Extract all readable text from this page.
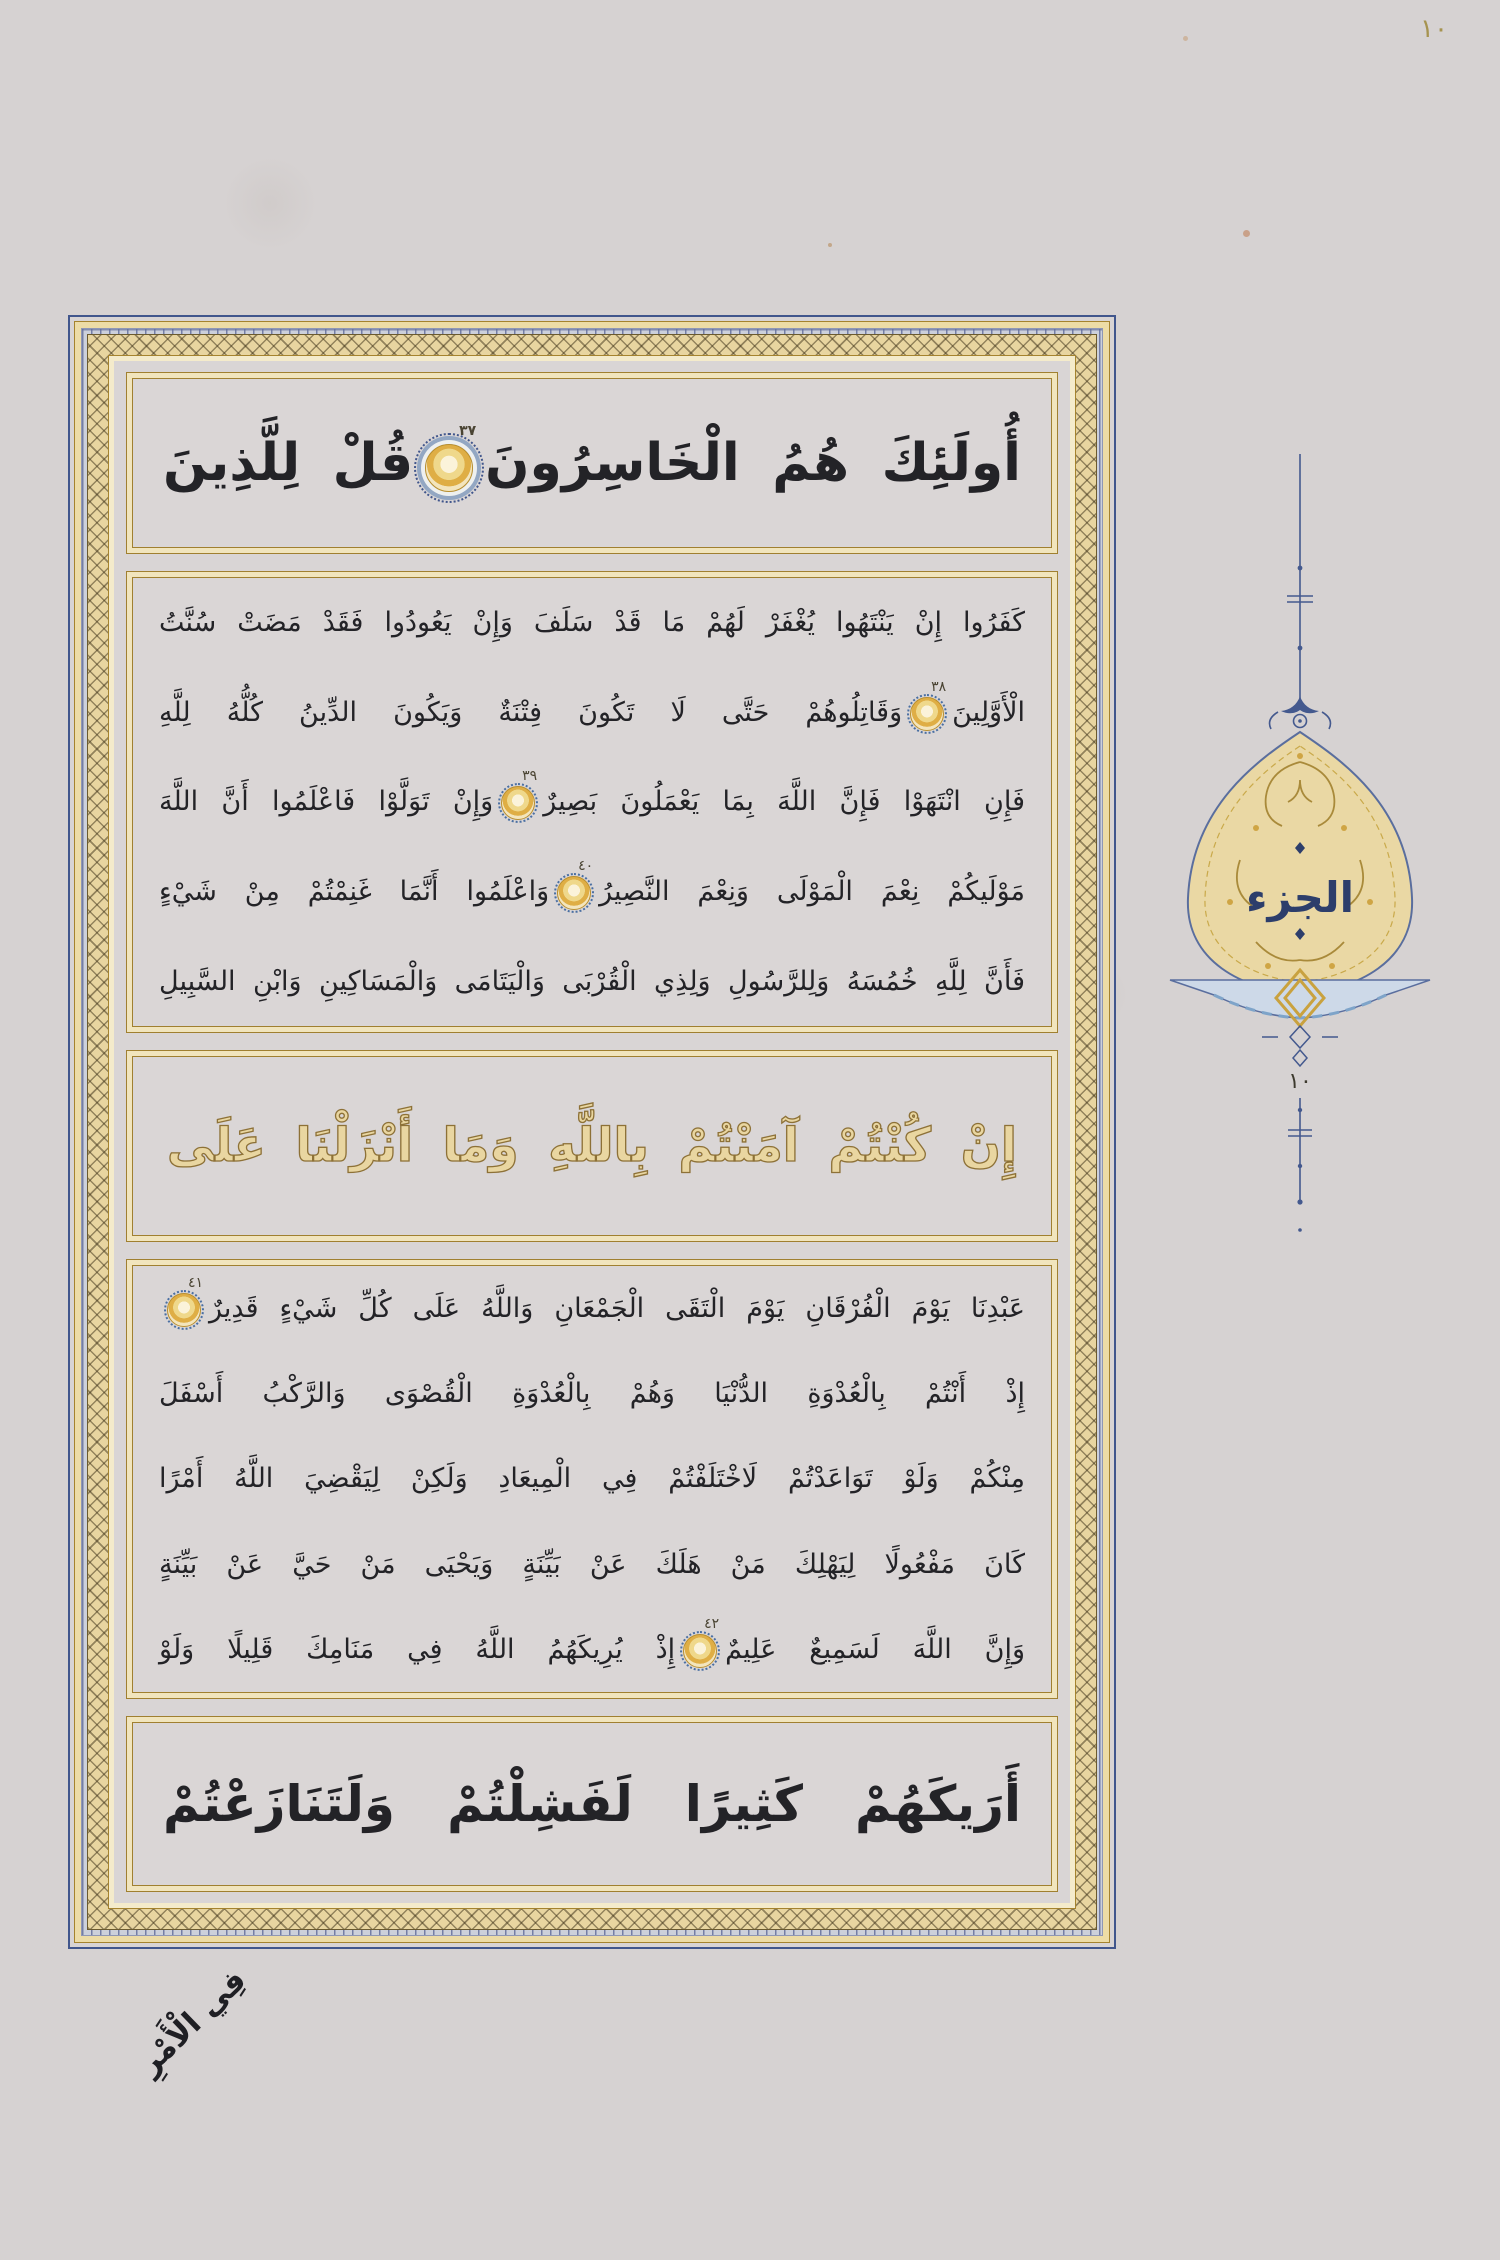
١٠
أُولَئِكَ هُمُ الْخَاسِرُونَ
٣٧
قُلْ لِلَّذِينَ
كَفَرُوا إِنْ يَنْتَهُوا يُغْفَرْ لَهُمْ مَا قَدْ سَلَفَ وَإِنْ يَعُودُوا فَقَدْ مَضَتْ سُنَّتُ
الْأَوَّلِينَ
٣٨
وَقَاتِلُوهُمْ حَتَّى لَا تَكُونَ فِتْنَةٌ وَيَكُونَ الدِّينُ كُلُّهُ لِلَّهِ
فَإِنِ انْتَهَوْا فَإِنَّ اللَّهَ بِمَا يَعْمَلُونَ بَصِيرٌ
٣٩
وَإِنْ تَوَلَّوْا فَاعْلَمُوا أَنَّ اللَّهَ
مَوْلَيكُمْ نِعْمَ الْمَوْلَى وَنِعْمَ النَّصِيرُ
٤٠
وَاعْلَمُوا أَنَّمَا غَنِمْتُمْ مِنْ شَيْءٍ
فَأَنَّ لِلَّهِ خُمُسَهُ وَلِلرَّسُولِ وَلِذِي الْقُرْبَى وَالْيَتَامَى وَالْمَسَاكِينِ وَابْنِ السَّبِيلِ
إِنْ كُنْتُمْ آمَنْتُمْ بِاللَّهِ وَمَا أَنْزَلْنَا عَلَى
عَبْدِنَا يَوْمَ الْفُرْقَانِ يَوْمَ الْتَقَى الْجَمْعَانِ وَاللَّهُ عَلَى كُلِّ شَيْءٍ قَدِيرٌ
٤١
إِذْ أَنْتُمْ بِالْعُدْوَةِ الدُّنْيَا وَهُمْ بِالْعُدْوَةِ الْقُصْوَى وَالرَّكْبُ أَسْفَلَ
مِنْكُمْ وَلَوْ تَوَاعَدْتُمْ لَاخْتَلَفْتُمْ فِي الْمِيعَادِ وَلَكِنْ لِيَقْضِيَ اللَّهُ أَمْرًا
كَانَ مَفْعُولًا لِيَهْلِكَ مَنْ هَلَكَ عَنْ بَيِّنَةٍ وَيَحْيَى مَنْ حَيَّ عَنْ بَيِّنَةٍ
وَإِنَّ اللَّهَ لَسَمِيعٌ عَلِيمٌ
٤٢
إِذْ يُرِيكَهُمُ اللَّهُ فِي مَنَامِكَ قَلِيلًا وَلَوْ
أَرَيكَهُمْ كَثِيرًا لَفَشِلْتُمْ وَلَتَنَازَعْتُمْ
فِي الْأَمْرِ
الجزء
١٠
